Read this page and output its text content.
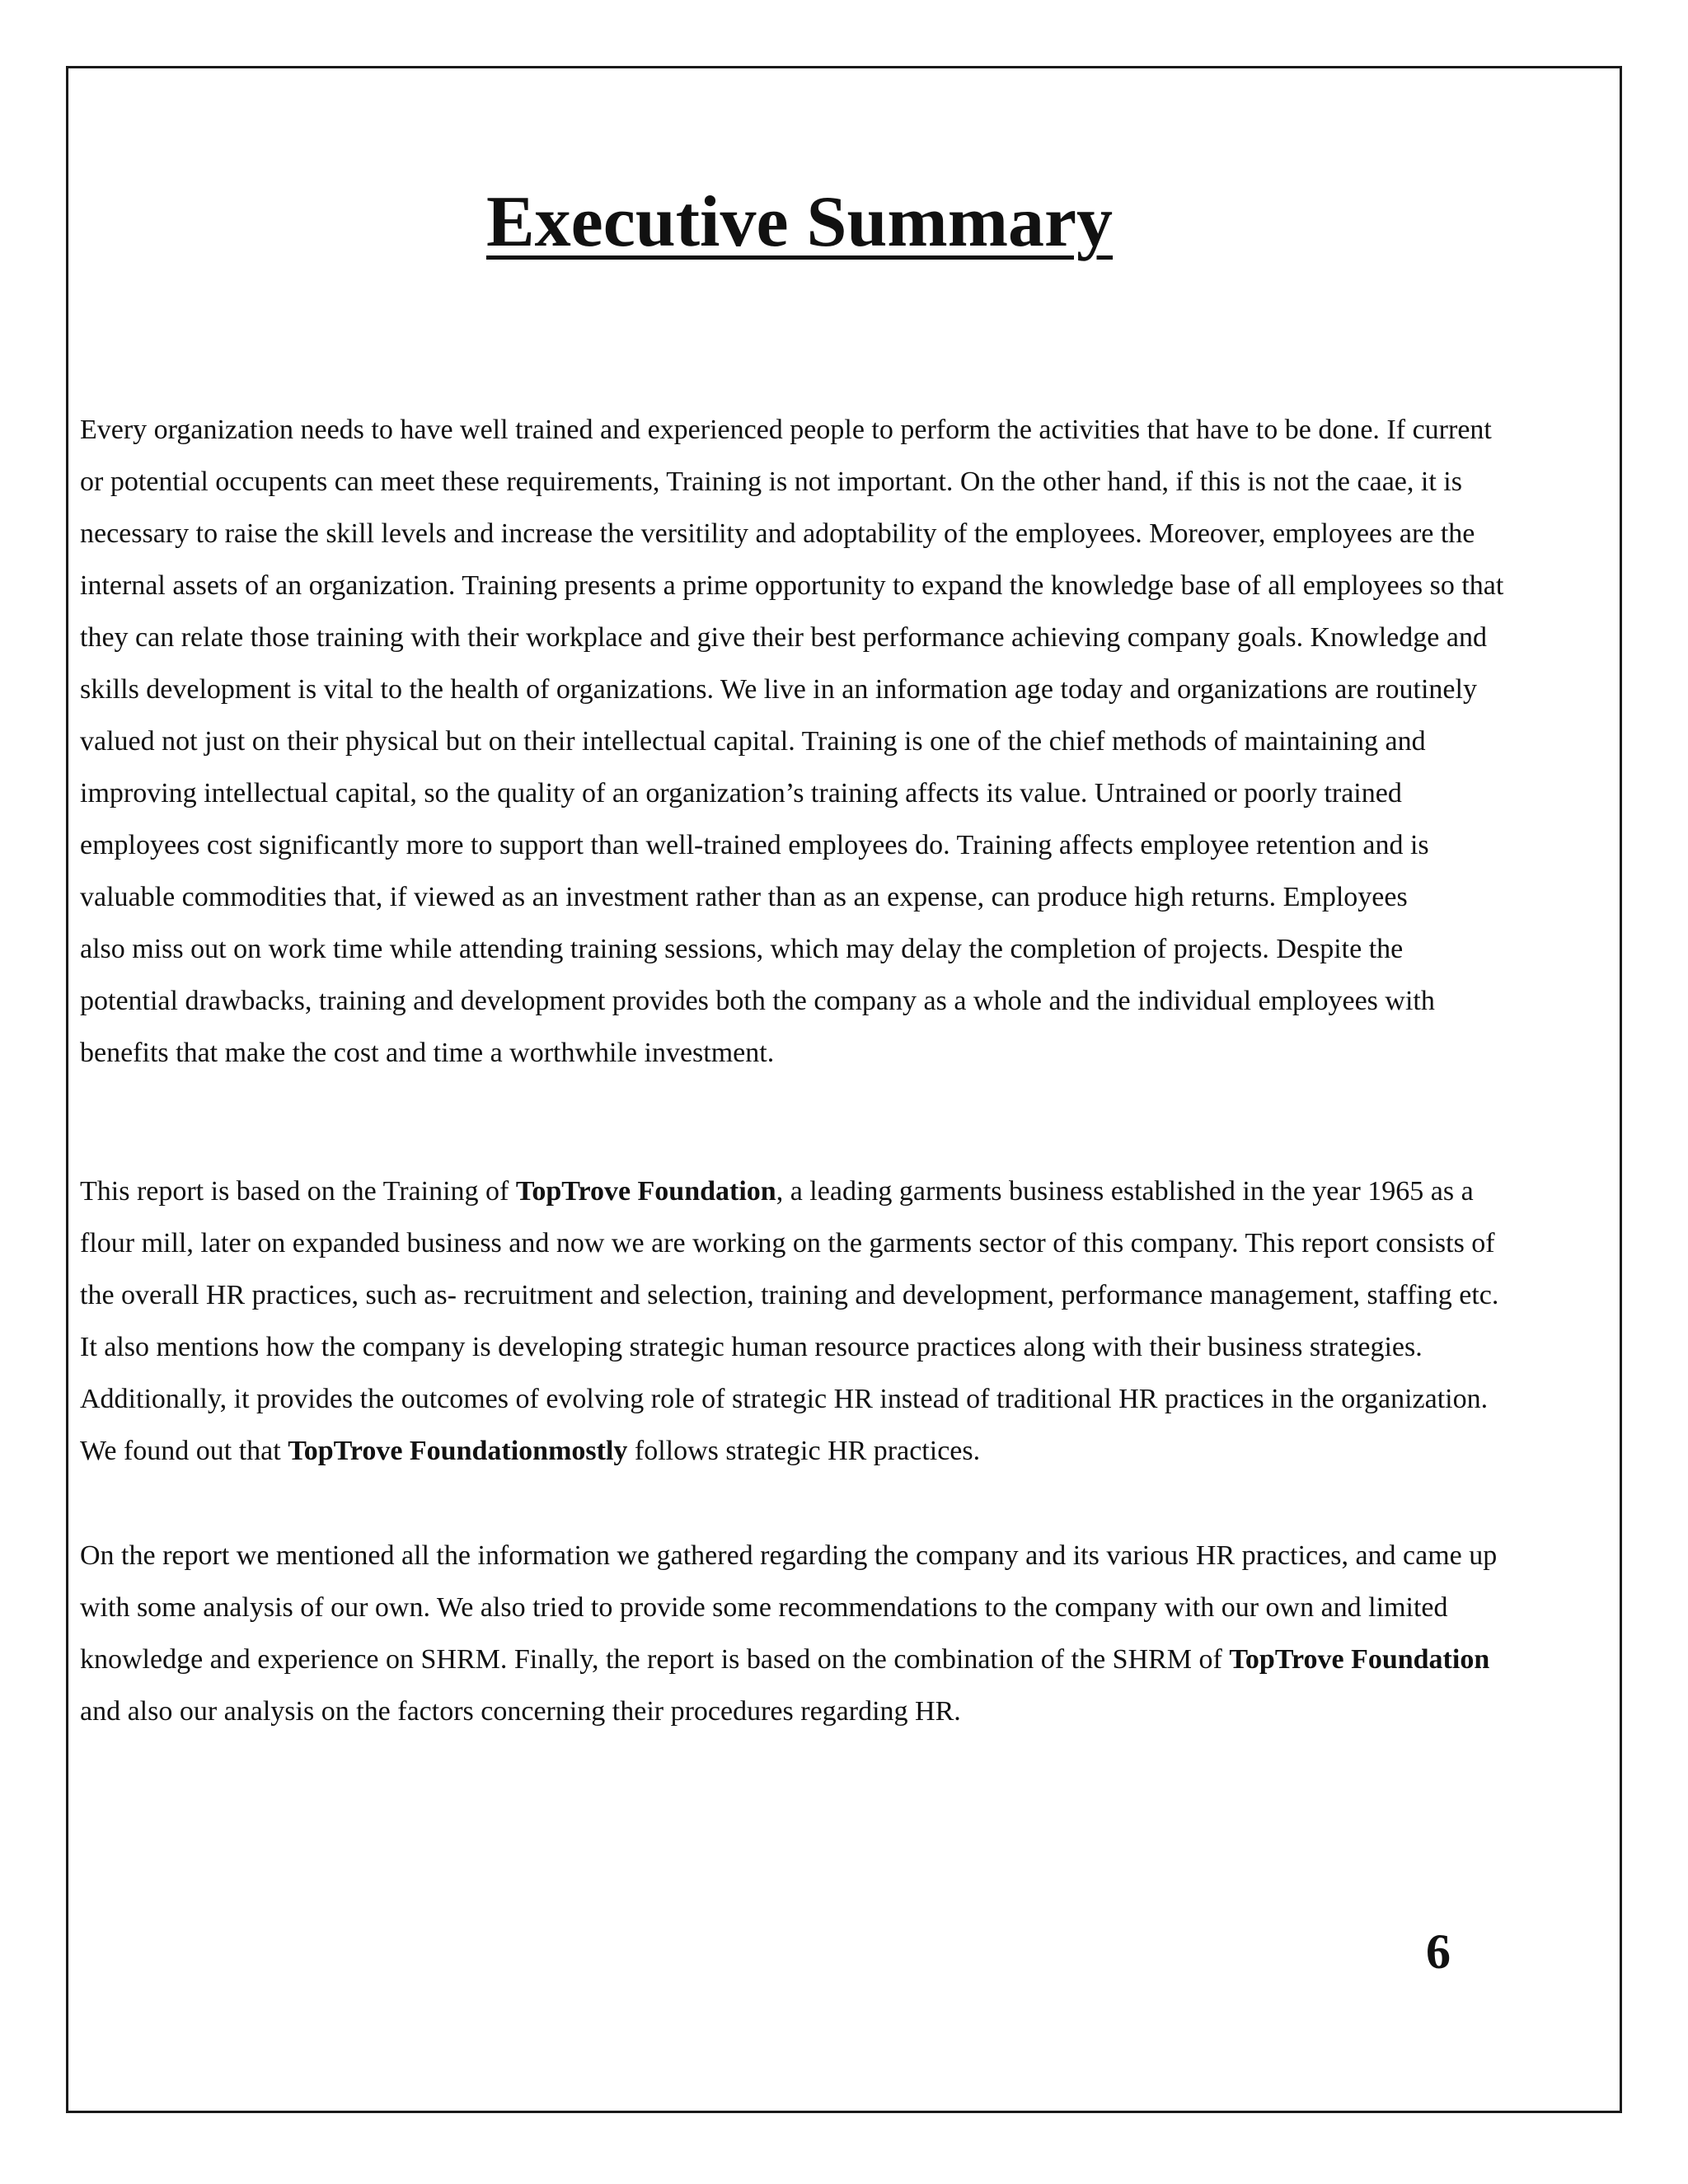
Executive Summary

Every organization needs to have well trained and experienced people to perform the activities that have to be done. If current
or potential occupents can meet these requirements, Training is not important. On the other hand, if this is not the caae, it is
necessary to raise the skill levels and increase the versitility and adoptability of the employees. Moreover, employees are the
internal assets of an organization. Training presents a prime opportunity to expand the knowledge base of all employees so that
they can relate those training with their workplace and give their best performance achieving company goals. Knowledge and
skills development is vital to the health of organizations. We live in an information age today and organizations are routinely
valued not just on their physical but on their intellectual capital. Training is one of the chief methods of maintaining and
improving intellectual capital, so the quality of an organization’s training affects its value. Untrained or poorly trained
employees cost significantly more to support than well-trained employees do. Training affects employee retention and is
valuable commodities that, if viewed as an investment rather than as an expense, can produce high returns. Employees
also miss out on work time while attending training sessions, which may delay the completion of projects. Despite the
potential drawbacks, training and development provides both the company as a whole and the individual employees with
benefits that make the cost and time a worthwhile investment.

This report is based on the Training of TopTrove Foundation, a leading garments business established in the year 1965 as a
flour mill, later on expanded business and now we are working on the garments sector of this company. This report consists of
the overall HR practices, such as- recruitment and selection, training and development, performance management, staffing etc.
It also mentions how the company is developing strategic human resource practices along with their business strategies.
Additionally, it provides the outcomes of evolving role of strategic HR instead of traditional HR practices in the organization.
We found out that TopTrove Foundationmostly follows strategic HR practices.

On the report we mentioned all the information we gathered regarding the company and its various HR practices, and came up
with some analysis of our own. We also tried to provide some recommendations to the company with our own and limited
knowledge and experience on SHRM. Finally, the report is based on the combination of the SHRM of TopTrove Foundation
and also our analysis on the factors concerning their procedures regarding HR.

6
